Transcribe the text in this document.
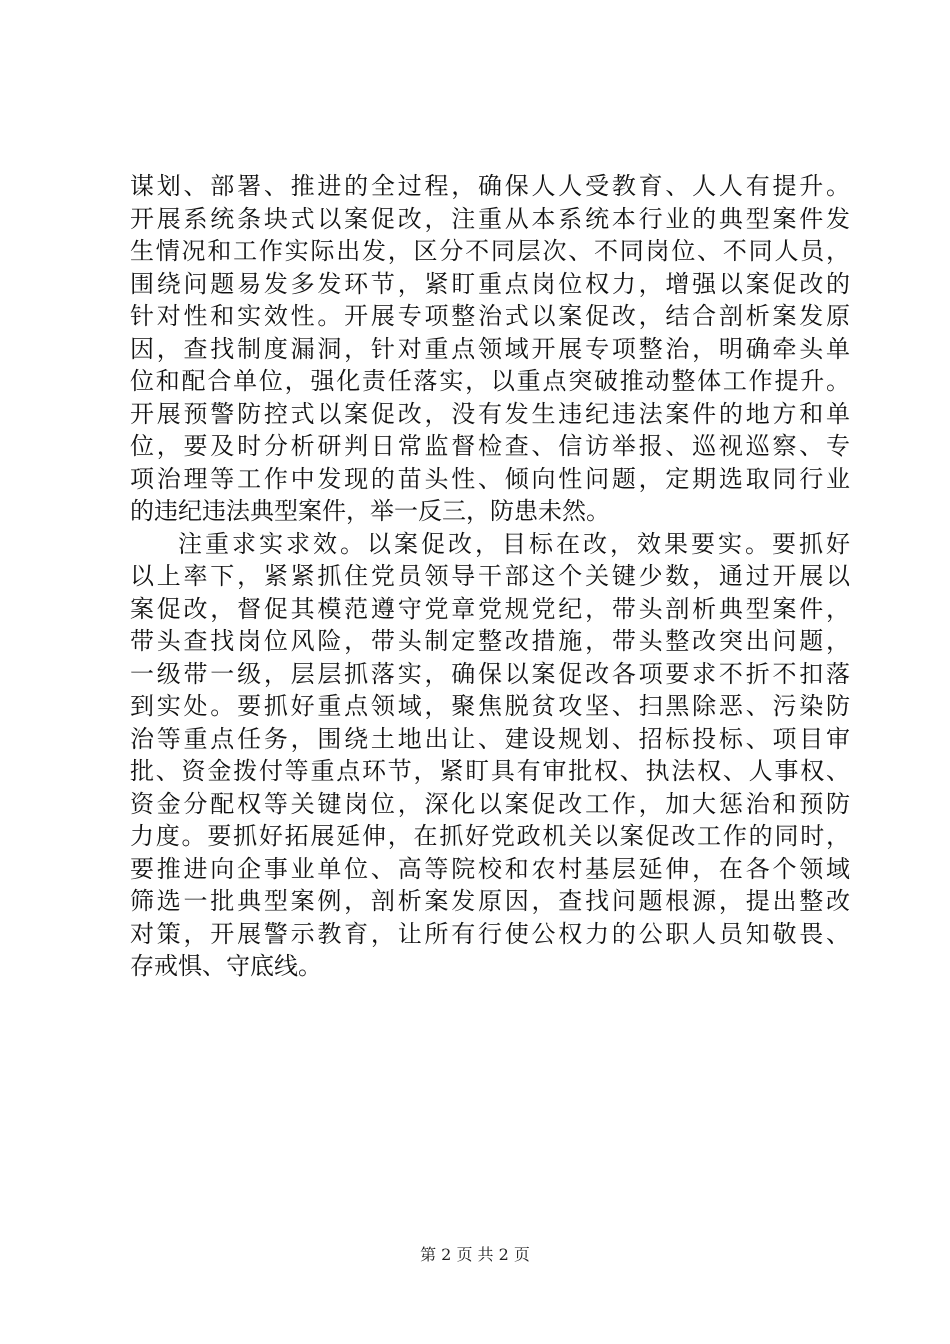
谋划、部署、推进的全过程，确保人人受教育、人人有提升。
开展系统条块式以案促改，注重从本系统本行业的典型案件发
生情况和工作实际出发，区分不同层次、不同岗位、不同人员，
围绕问题易发多发环节，紧盯重点岗位权力，增强以案促改的
针对性和实效性。开展专项整治式以案促改，结合剖析案发原
因，查找制度漏洞，针对重点领域开展专项整治，明确牵头单
位和配合单位，强化责任落实，以重点突破推动整体工作提升。
开展预警防控式以案促改，没有发生违纪违法案件的地方和单
位，要及时分析研判日常监督检查、信访举报、巡视巡察、专
项治理等工作中发现的苗头性、倾向性问题，定期选取同行业
的违纪违法典型案件，举一反三，防患未然。
注重求实求效。以案促改，目标在改，效果要实。要抓好
以上率下，紧紧抓住党员领导干部这个关键少数，通过开展以
案促改，督促其模范遵守党章党规党纪，带头剖析典型案件，
带头查找岗位风险，带头制定整改措施，带头整改突出问题，
一级带一级，层层抓落实，确保以案促改各项要求不折不扣落
到实处。要抓好重点领域，聚焦脱贫攻坚、扫黑除恶、污染防
治等重点任务，围绕土地出让、建设规划、招标投标、项目审
批、资金拨付等重点环节，紧盯具有审批权、执法权、人事权、
资金分配权等关键岗位，深化以案促改工作，加大惩治和预防
力度。要抓好拓展延伸，在抓好党政机关以案促改工作的同时，
要推进向企事业单位、高等院校和农村基层延伸，在各个领域
筛选一批典型案例，剖析案发原因，查找问题根源，提出整改
对策，开展警示教育，让所有行使公权力的公职人员知敬畏、
存戒惧、守底线。
第 2 页 共 2 页
